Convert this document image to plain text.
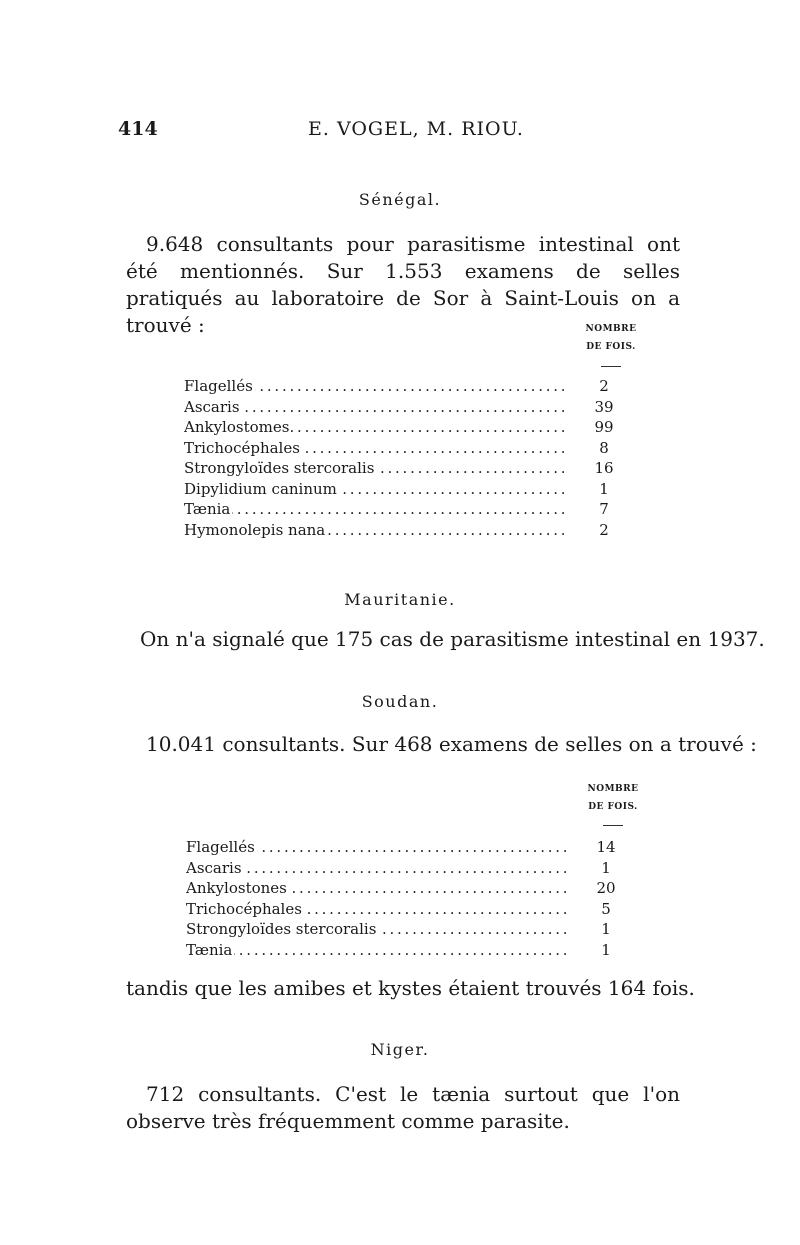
414	E. VOGEL, M. RIOU.
Sénégal.
9.648 consultants pour parasitisme intestinal ont été mentionnés. Sur 1.553 examens de selles pratiqués au laboratoire de Sor à Saint-Louis on a trouvé :	NOMBRE
DE FOIS.
Flagellés . . .	2
Ascaris . . .	39
Ankylostomes . . .	99
Trichocéphales . . .	8
Strongyloïdes stercoralis . . .	16
Dipylidium caninum . . .	1
Tænia . . .	7
Hymonolepis nana . . .	2
Mauritanie.
On n'a signalé que 175 cas de parasitisme intestinal en 1937.
Soudan.
10.041 consultants. Sur 468 examens de selles on a trouvé :
NOMBRE
DE FOIS.
Flagellés . . .	14
Ascaris . . .	1
Ankylostones . . .	20
Trichocéphales . . .	5
Strongyloïdes stercoralis . . .	1
Tænia . . .	1
tandis que les amibes et kystes étaient trouvés 164 fois.
Niger.
712 consultants. C'est le tænia surtout que l'on observe très fréquemment comme parasite.
